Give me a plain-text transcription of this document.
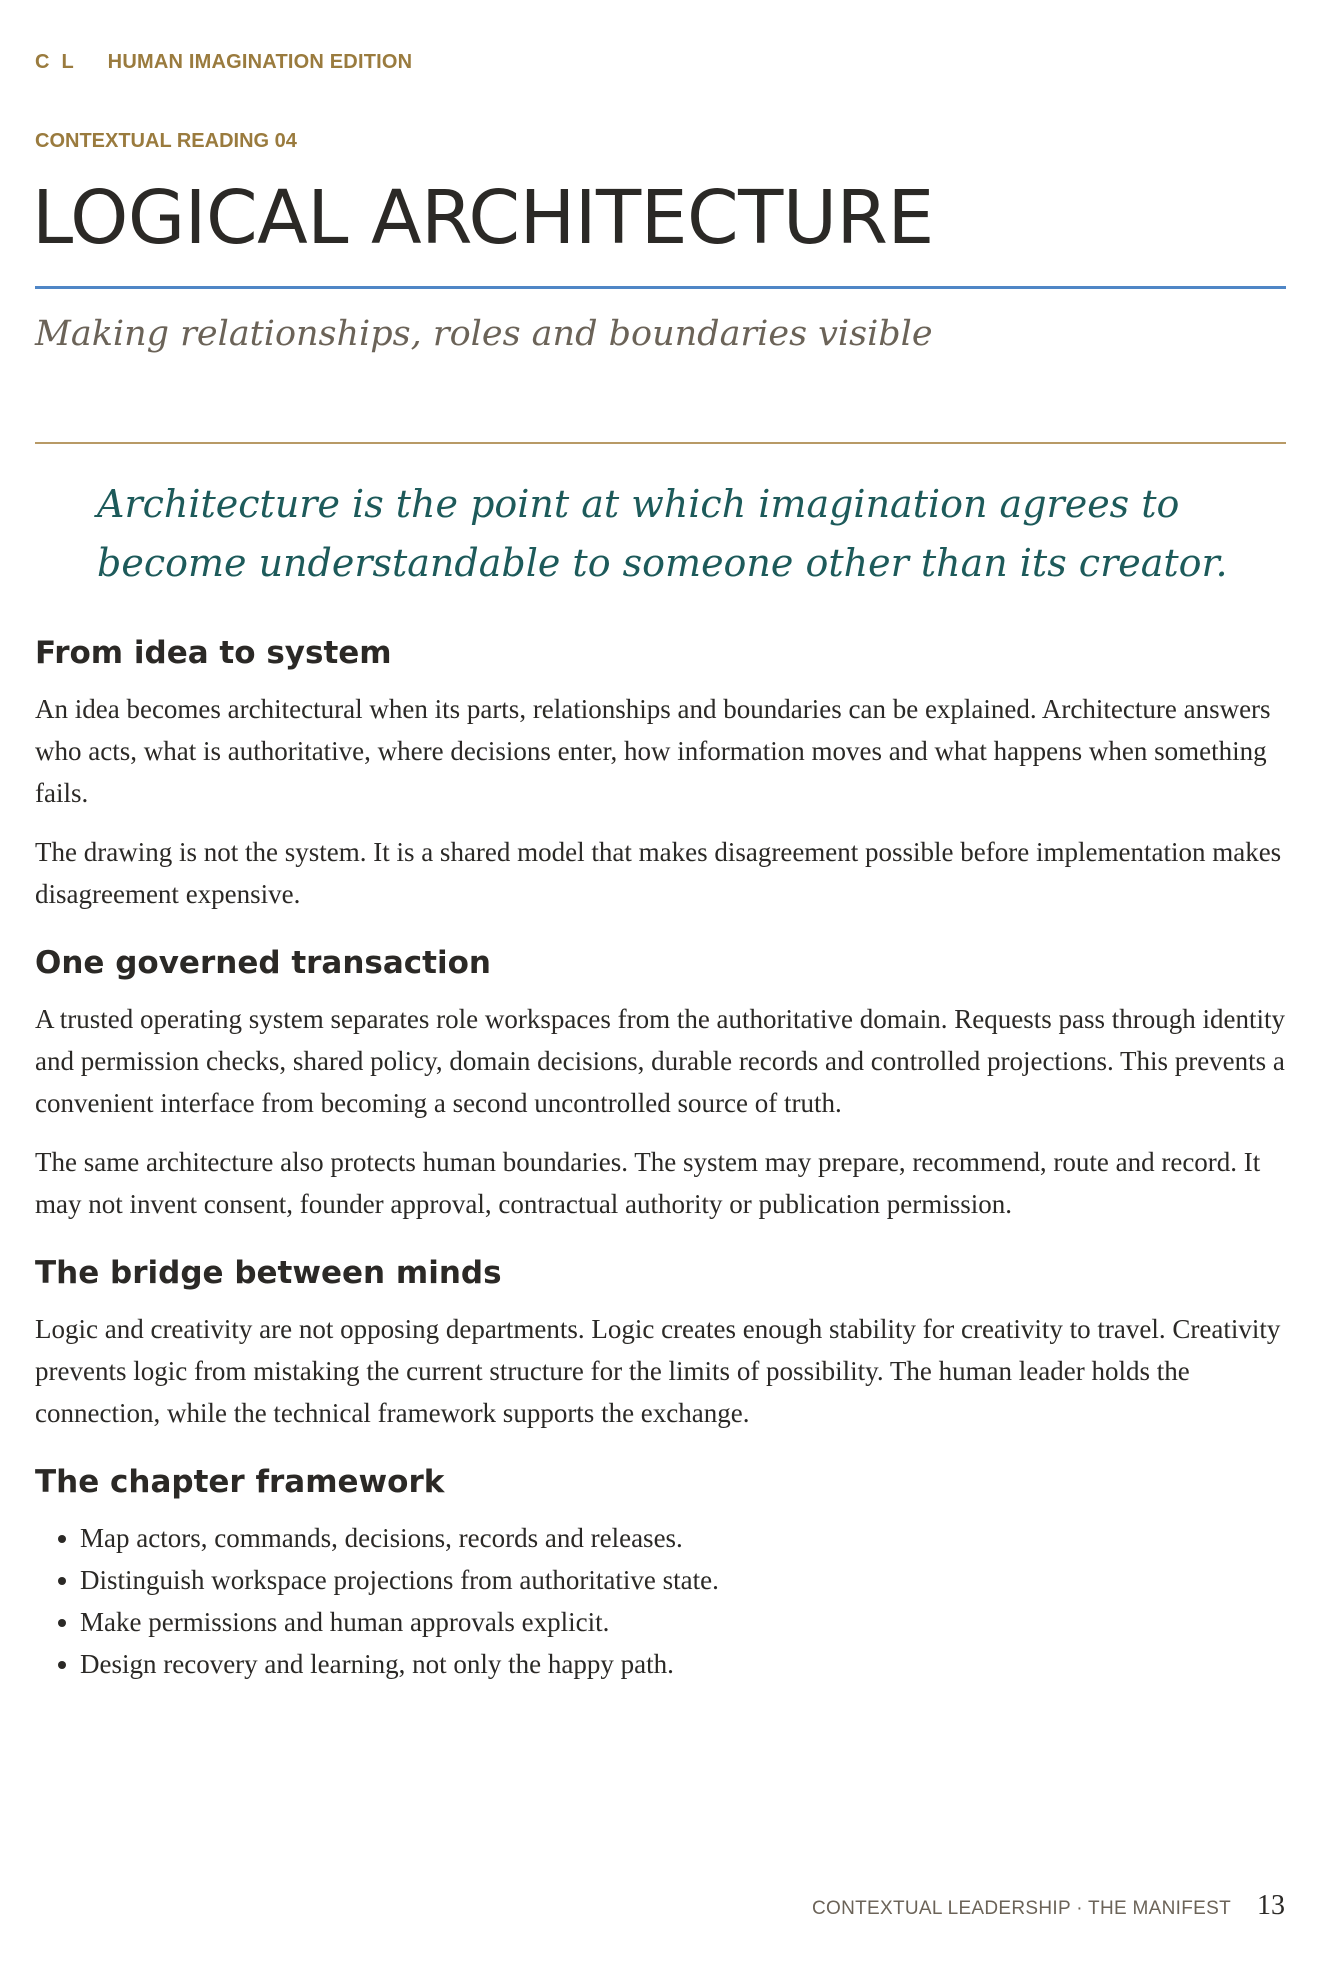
CL HUMAN IMAGINATION EDITION
CONTEXTUAL READING 04
LOGICAL ARCHITECTURE

Making relationships, roles and boundaries visible

Architecture is the point at which imagination agrees to become understandable to someone other than its creator.
From idea to system

An idea becomes architectural when its parts, relationships and boundaries can be explained. Architecture answers who acts, what is authoritative, where decisions enter, how information moves and what happens when something fails.

The drawing is not the system. It is a shared model that makes disagreement possible before implementation makes disagreement expensive.

One governed transaction

A trusted operating system separates role workspaces from the authoritative domain. Requests pass through identity and permission checks, shared policy, domain decisions, durable records and controlled projections. This prevents a convenient interface from becoming a second uncontrolled source of truth.

The same architecture also protects human boundaries. The system may prepare, recommend, route and record. It may not invent consent, founder approval, contractual authority or publication permission.

The bridge between minds

Logic and creativity are not opposing departments. Logic creates enough stability for creativity to travel. Creativity prevents logic from mistaking the current structure for the limits of possibility. The human leader holds the connection, while the technical framework supports the exchange.

The chapter framework
Map actors, commands, decisions, records and releases.
Distinguish workspace projections from authoritative state.
Make permissions and human approvals explicit.
Design recovery and learning, not only the happy path.
CONTEXTUAL LEADERSHIP · THE MANIFEST 13
